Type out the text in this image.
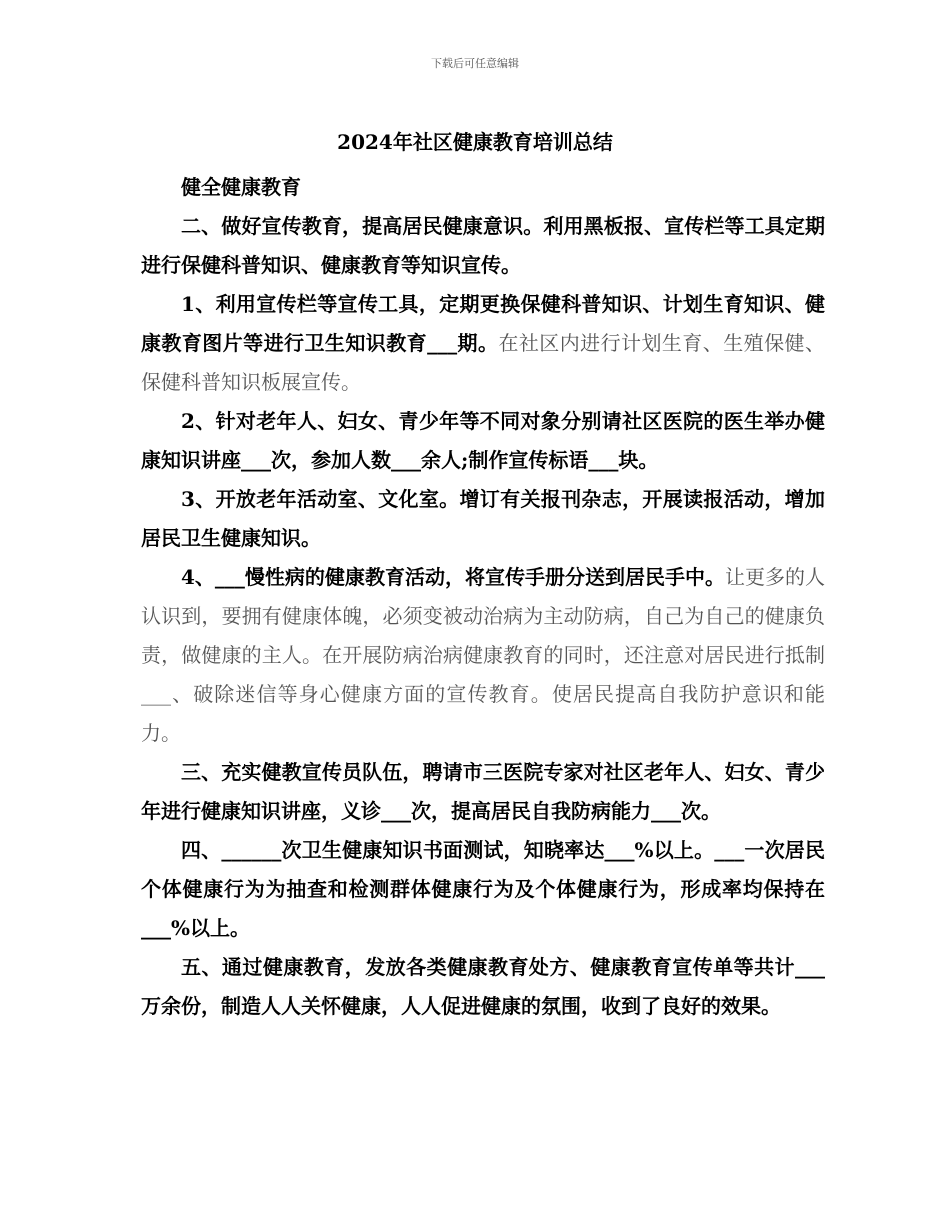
下载后可任意编辑
2024年社区健康教育培训总结

健全健康教育

二、做好宣传教育，提高居民健康意识。利用黑板报、宣传栏等工具定期进行保健科普知识、健康教育等知识宣传。

1、利用宣传栏等宣传工具，定期更换保健科普知识、计划生育知识、健康教育图片等进行卫生知识教育___期。在社区内进行计划生育、生殖保健、保健科普知识板展宣传。

2、针对老年人、妇女、青少年等不同对象分别请社区医院的医生举办健康知识讲座___次，参加人数___余人;制作宣传标语___块。

3、开放老年活动室、文化室。增订有关报刊杂志，开展读报活动，增加居民卫生健康知识。

4、___慢性病的健康教育活动，将宣传手册分送到居民手中。让更多的人认识到，要拥有健康体魄，必须变被动治病为主动防病，自己为自己的健康负责，做健康的主人。在开展防病治病健康教育的同时，还注意对居民进行抵制___、破除迷信等身心健康方面的宣传教育。使居民提高自我防护意识和能力。

三、充实健教宣传员队伍，聘请市三医院专家对社区老年人、妇女、青少年进行健康知识讲座，义诊___次，提高居民自我防病能力___次。

四、______次卫生健康知识书面测试，知晓率达___%以上。___一次居民个体健康行为为抽查和检测群体健康行为及个体健康行为，形成率均保持在___%以上。

五、通过健康教育，发放各类健康教育处方、健康教育宣传单等共计___万余份，制造人人关怀健康，人人促进健康的氛围，收到了良好的效果。
